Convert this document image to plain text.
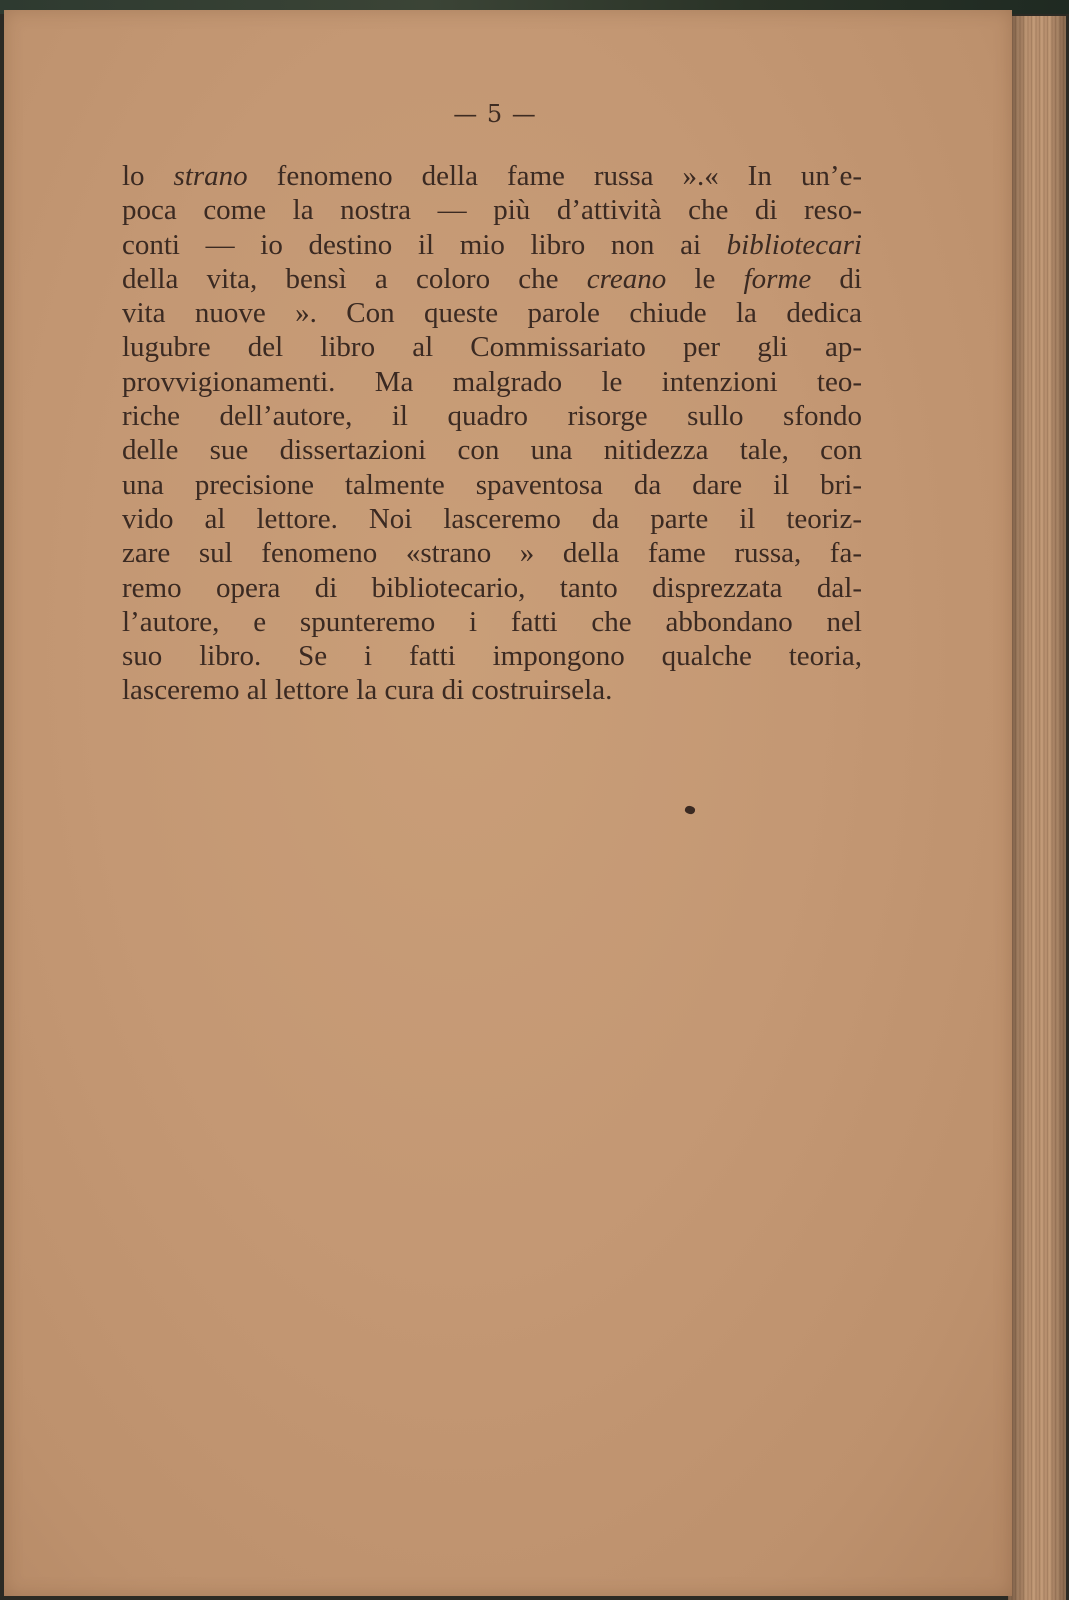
— 5 —
lo strano fenomeno della fame russa ».« In un’e-
poca come la nostra — più d’attività che di reso-
conti — io destino il mio libro non ai bibliotecari
della vita, bensì a coloro che creano le forme di
vita nuove ». Con queste parole chiude la dedica
lugubre del libro al Commissariato per gli ap-
provvigionamenti. Ma malgrado le intenzioni teo-
riche dell’autore, il quadro risorge sullo sfondo
delle sue dissertazioni con una nitidezza tale, con
una precisione talmente spaventosa da dare il bri-
vido al lettore. Noi lasceremo da parte il teoriz-
zare sul fenomeno «strano » della fame russa, fa-
remo opera di bibliotecario, tanto disprezzata dal-
l’autore, e spunteremo i fatti che abbondano nel
suo libro. Se i fatti impongono qualche teoria,
lasceremo al lettore la cura di costruirsela.
